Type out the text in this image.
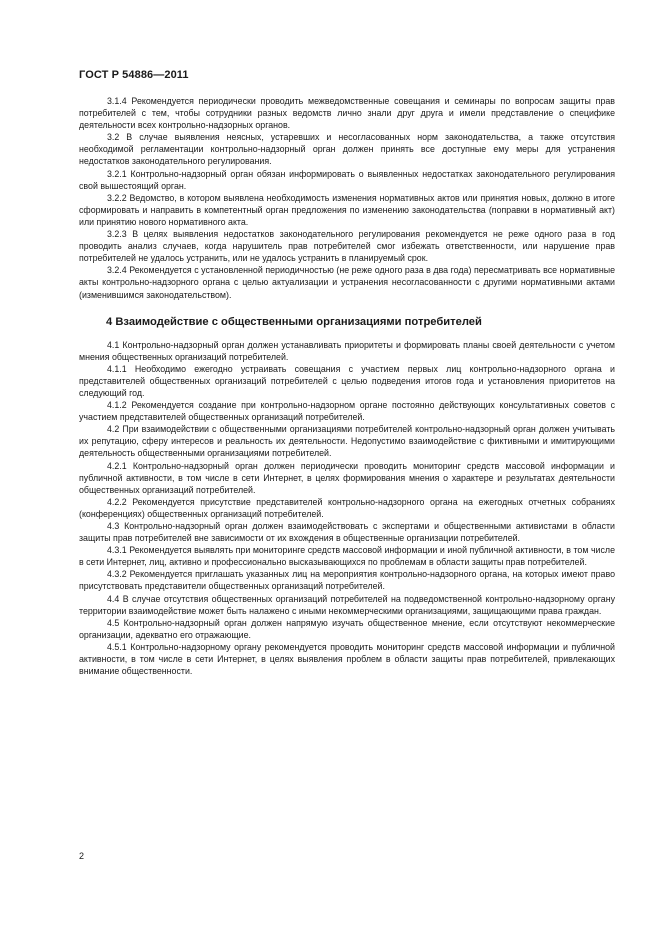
ГОСТ Р 54886—2011

3.1.4 Рекомендуется периодически проводить межведомственные совещания и семинары по вопросам защиты прав потребителей с тем, чтобы сотрудники разных ведомств лично знали друг друга и имели представление о специфике деятельности всех контрольно-надзорных органов.

3.2 В случае выявления неясных, устаревших и несогласованных норм законодательства, а также отсутствия необходимой регламентации контрольно-надзорный орган должен принять все доступные ему меры для устранения недостатков законодательного регулирования.

3.2.1 Контрольно-надзорный орган обязан информировать о выявленных недостатках законодательного регулирования свой вышестоящий орган.

3.2.2 Ведомство, в котором выявлена необходимость изменения нормативных актов или принятия новых, должно в итоге сформировать и направить в компетентный орган предложения по изменению законодательства (поправки в нормативный акт) или принятию нового нормативного акта.

3.2.3 В целях выявления недостатков законодательного регулирования рекомендуется не реже одного раза в год проводить анализ случаев, когда нарушитель прав потребителей смог избежать ответственности, или нарушение прав потребителей не удалось устранить, или не удалось устранить в планируемый срок.

3.2.4 Рекомендуется с установленной периодичностью (не реже одного раза в два года) пересматривать все нормативные акты контрольно-надзорного органа с целью актуализации и устранения несогласованности с другими нормативными актами (изменившимся законодательством).

4 Взаимодействие с общественными организациями потребителей

4.1 Контрольно-надзорный орган должен устанавливать приоритеты и формировать планы своей деятельности с учетом мнения общественных организаций потребителей.

4.1.1 Необходимо ежегодно устраивать совещания с участием первых лиц контрольно-надзорного органа и представителей общественных организаций потребителей с целью подведения итогов года и установления приоритетов на следующий год.

4.1.2 Рекомендуется создание при контрольно-надзорном органе постоянно действующих консультативных советов с участием представителей общественных организаций потребителей.

4.2 При взаимодействии с общественными организациями потребителей контрольно-надзорный орган должен учитывать их репутацию, сферу интересов и реальность их деятельности. Недопустимо взаимодействие с фиктивными и имитирующими деятельность общественными организациями потребителей.

4.2.1 Контрольно-надзорный орган должен периодически проводить мониторинг средств массовой информации и публичной активности, в том числе в сети Интернет, в целях формирования мнения о характере и результатах деятельности общественных организаций потребителей.

4.2.2 Рекомендуется присутствие представителей контрольно-надзорного органа на ежегодных отчетных собраниях (конференциях) общественных организаций потребителей.

4.3 Контрольно-надзорный орган должен взаимодействовать с экспертами и общественными активистами в области защиты прав потребителей вне зависимости от их вхождения в общественные организации потребителей.

4.3.1 Рекомендуется выявлять при мониторинге средств массовой информации и иной публичной активности, в том числе в сети Интернет, лиц, активно и профессионально высказывающихся по проблемам в области защиты прав потребителей.

4.3.2 Рекомендуется приглашать указанных лиц на мероприятия контрольно-надзорного органа, на которых имеют право присутствовать представители общественных организаций потребителей.

4.4 В случае отсутствия общественных организаций потребителей на подведомственной контрольно-надзорному органу территории взаимодействие может быть налажено с иными некоммерческими организациями, защищающими права граждан.

4.5 Контрольно-надзорный орган должен напрямую изучать общественное мнение, если отсутствуют некоммерческие организации, адекватно его отражающие.

4.5.1 Контрольно-надзорному органу рекомендуется проводить мониторинг средств массовой информации и публичной активности, в том числе в сети Интернет, в целях выявления проблем в области защиты прав потребителей, привлекающих внимание общественности.

2
